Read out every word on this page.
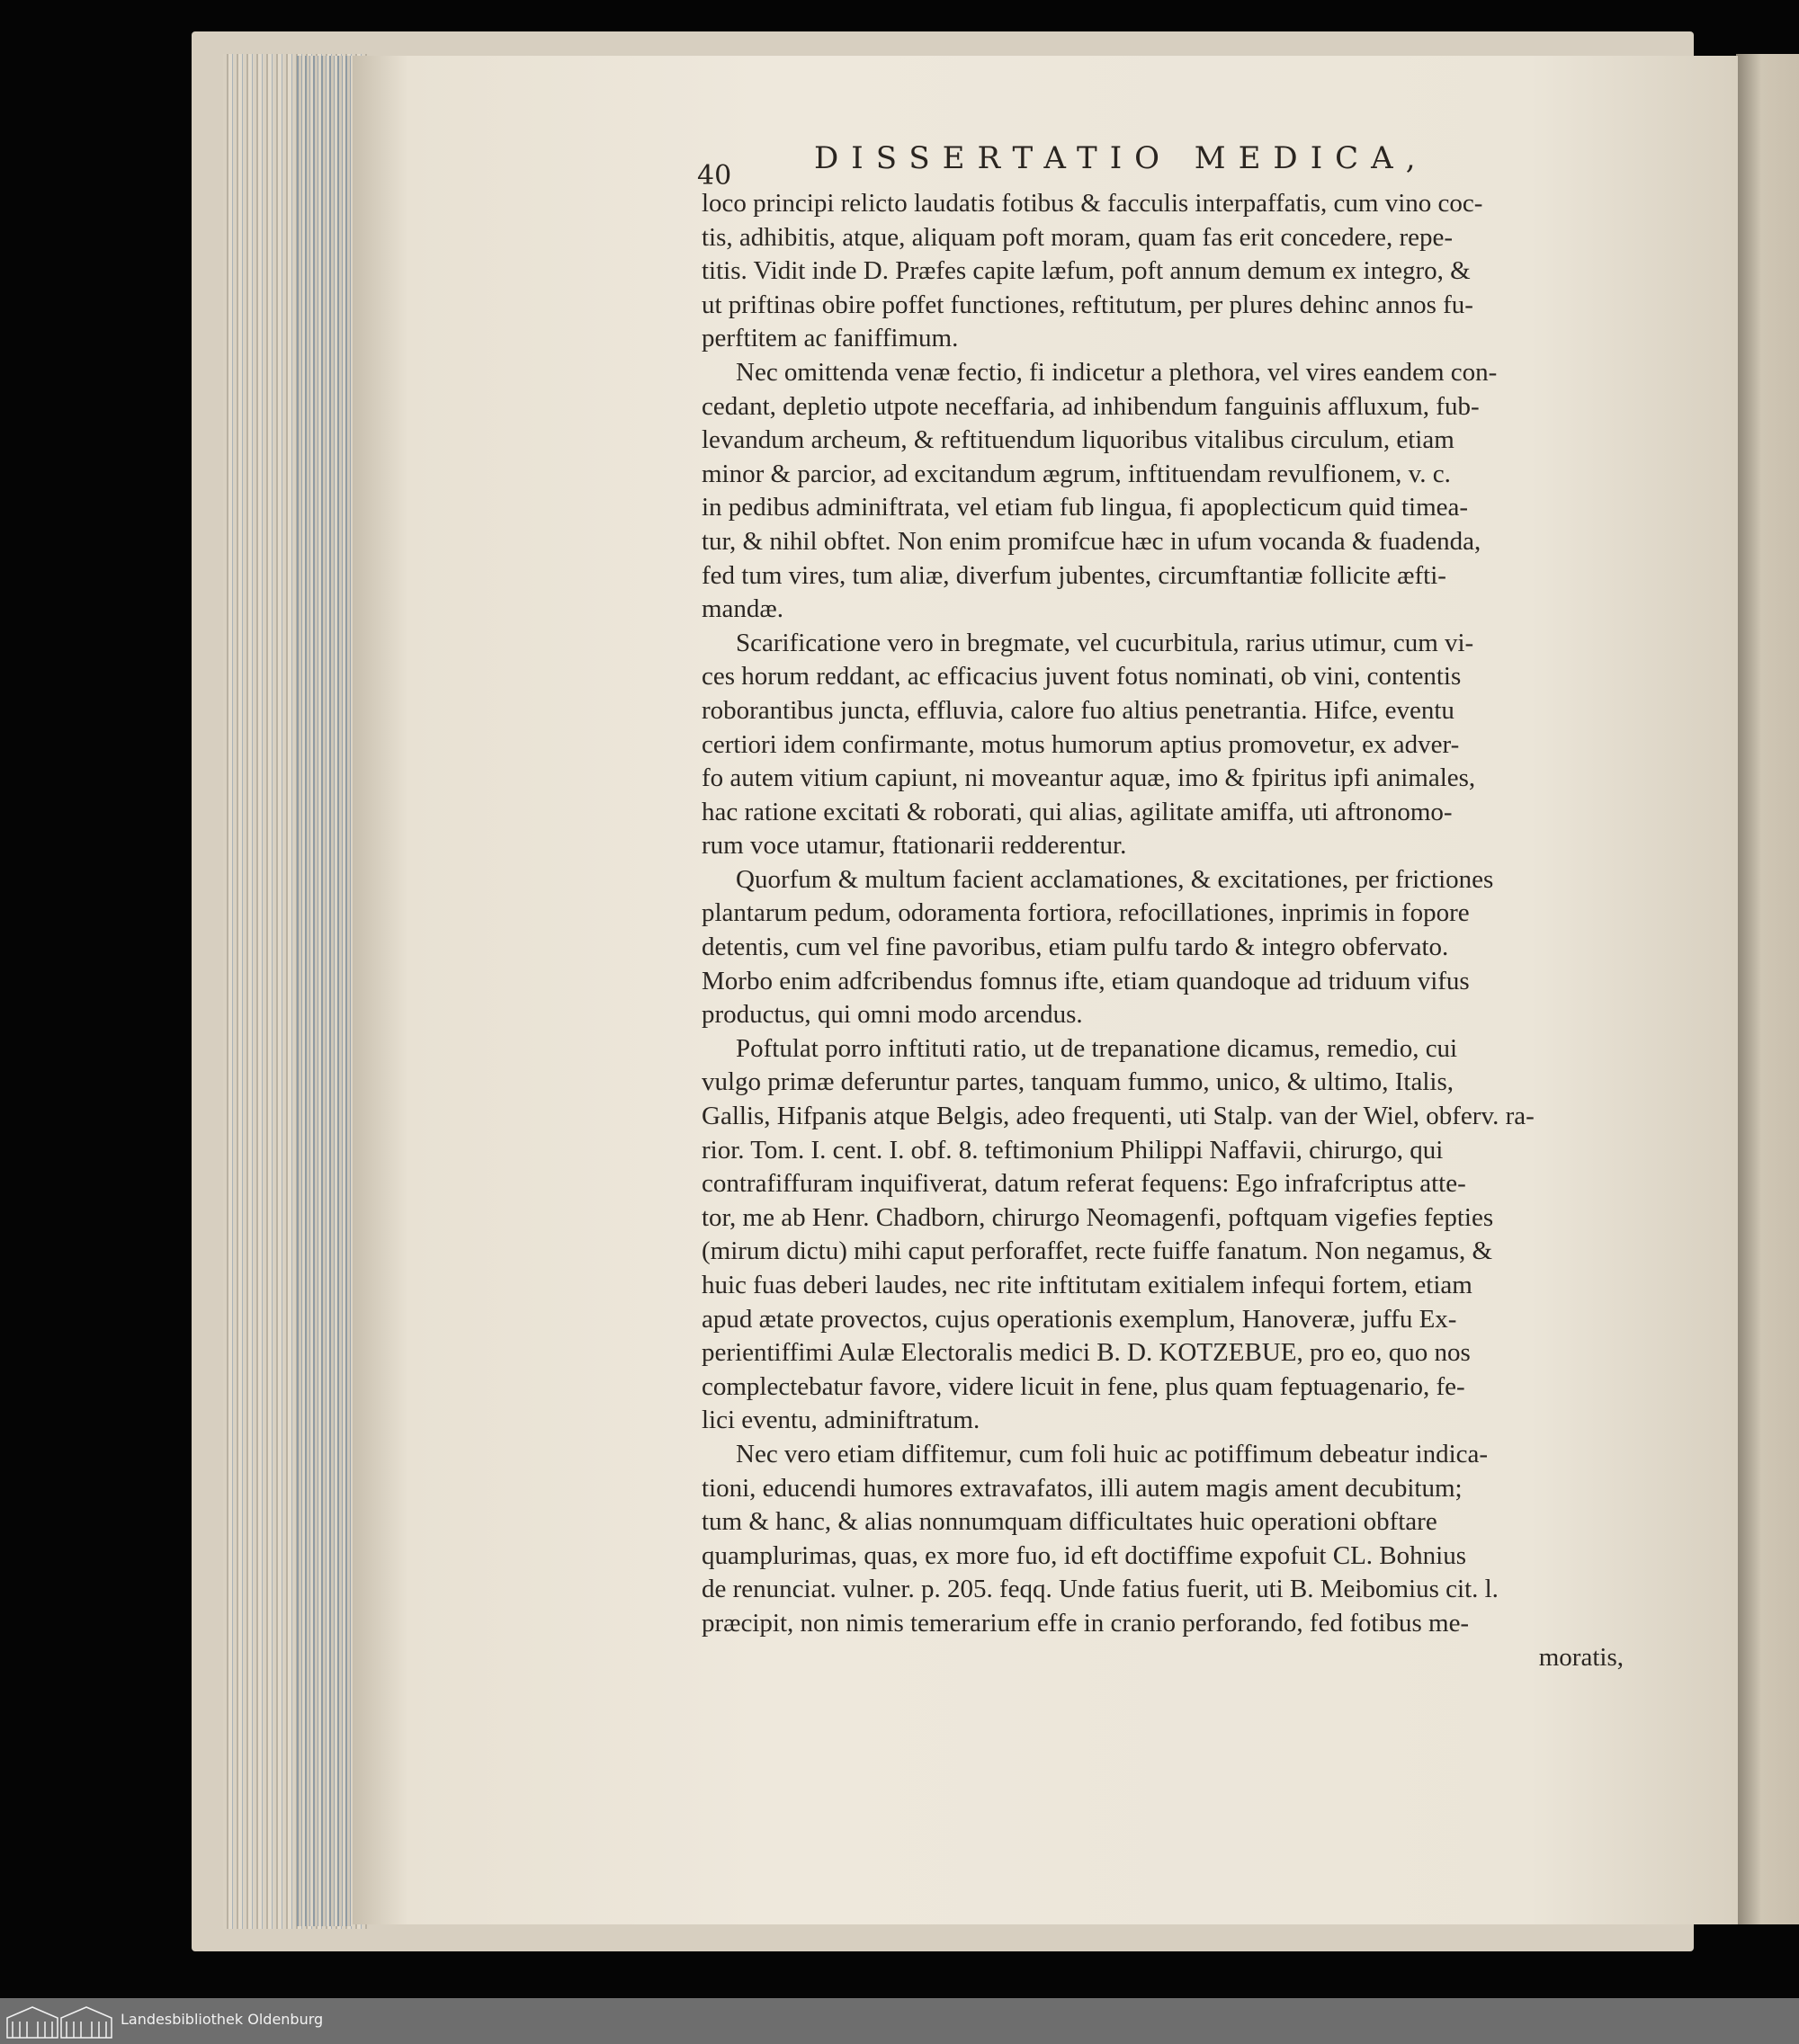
40	DISSERTATIO MEDICA,
loco principi relicto laudatis fotibus & facculis interpaffatis, cum vino coc-
tis, adhibitis, atque, aliquam poft moram, quam fas erit concedere, repe-
titis. Vidit inde D. Præfes capite læfum, poft annum demum ex integro, &
ut priftinas obire poffet functiones, reftitutum, per plures dehinc annos fu-
perftitem ac faniffimum.
Nec omittenda venæ fectio, fi indicetur a plethora, vel vires eandem con-
cedant, depletio utpote neceffaria, ad inhibendum fanguinis affluxum, fub-
levandum archeum, & reftituendum liquoribus vitalibus circulum, etiam
minor & parcior, ad excitandum ægrum, inftituendam revulfionem, v. c.
in pedibus adminiftrata, vel etiam fub lingua, fi apoplecticum quid timea-
tur, & nihil obftet. Non enim promifcue hæc in ufum vocanda & fuadenda,
fed tum vires, tum aliæ, diverfum jubentes, circumftantiæ follicite æfti-
mandæ.
Scarificatione vero in bregmate, vel cucurbitula, rarius utimur, cum vi-
ces horum reddant, ac efficacius juvent fotus nominati, ob vini, contentis
roborantibus juncta, effluvia, calore fuo altius penetrantia. Hifce, eventu
certiori idem confirmante, motus humorum aptius promovetur, ex adver-
fo autem vitium capiunt, ni moveantur aquæ, imo & fpiritus ipfi animales,
hac ratione excitati & roborati, qui alias, agilitate amiffa, uti aftronomo-
rum voce utamur, ftationarii redderentur.
Quorfum & multum facient acclamationes, & excitationes, per frictiones
plantarum pedum, odoramenta fortiora, refocillationes, inprimis in fopore
detentis, cum vel fine pavoribus, etiam pulfu tardo & integro obfervato.
Morbo enim adfcribendus fomnus ifte, etiam quandoque ad triduum vifus
productus, qui omni modo arcendus.
Poftulat porro inftituti ratio, ut de trepanatione dicamus, remedio, cui
vulgo primæ deferuntur partes, tanquam fummo, unico, & ultimo, Italis,
Gallis, Hifpanis atque Belgis, adeo frequenti, uti Stalp. van der Wiel, obferv. ra-
rior. Tom. I. cent. I. obf. 8. teftimonium Philippi Naffavii, chirurgo, qui
contrafiffuram inquifiverat, datum referat fequens: Ego infrafcriptus atte-
tor, me ab Henr. Chadborn, chirurgo Neomagenfi, poftquam vigefies fepties
(mirum dictu) mihi caput perforaffet, recte fuiffe fanatum. Non negamus, &
huic fuas deberi laudes, nec rite inftitutam exitialem infequi fortem, etiam
apud ætate provectos, cujus operationis exemplum, Hanoveræ, juffu Ex-
perientiffimi Aulæ Electoralis medici B. D. KOTZEBUE, pro eo, quo nos
complectebatur favore, videre licuit in fene, plus quam feptuagenario, fe-
lici eventu, adminiftratum.
Nec vero etiam diffitemur, cum foli huic ac potiffimum debeatur indica-
tioni, educendi humores extravafatos, illi autem magis ament decubitum;
tum & hanc, & alias nonnumquam difficultates huic operationi obftare
quamplurimas, quas, ex more fuo, id eft doctiffime expofuit CL. Bohnius
de renunciat. vulner. p. 205. feqq. Unde fatius fuerit, uti B. Meibomius cit. l.
præcipit, non nimis temerarium effe in cranio perforando, fed fotibus me-
moratis,
Landesbibliothek Oldenburg
